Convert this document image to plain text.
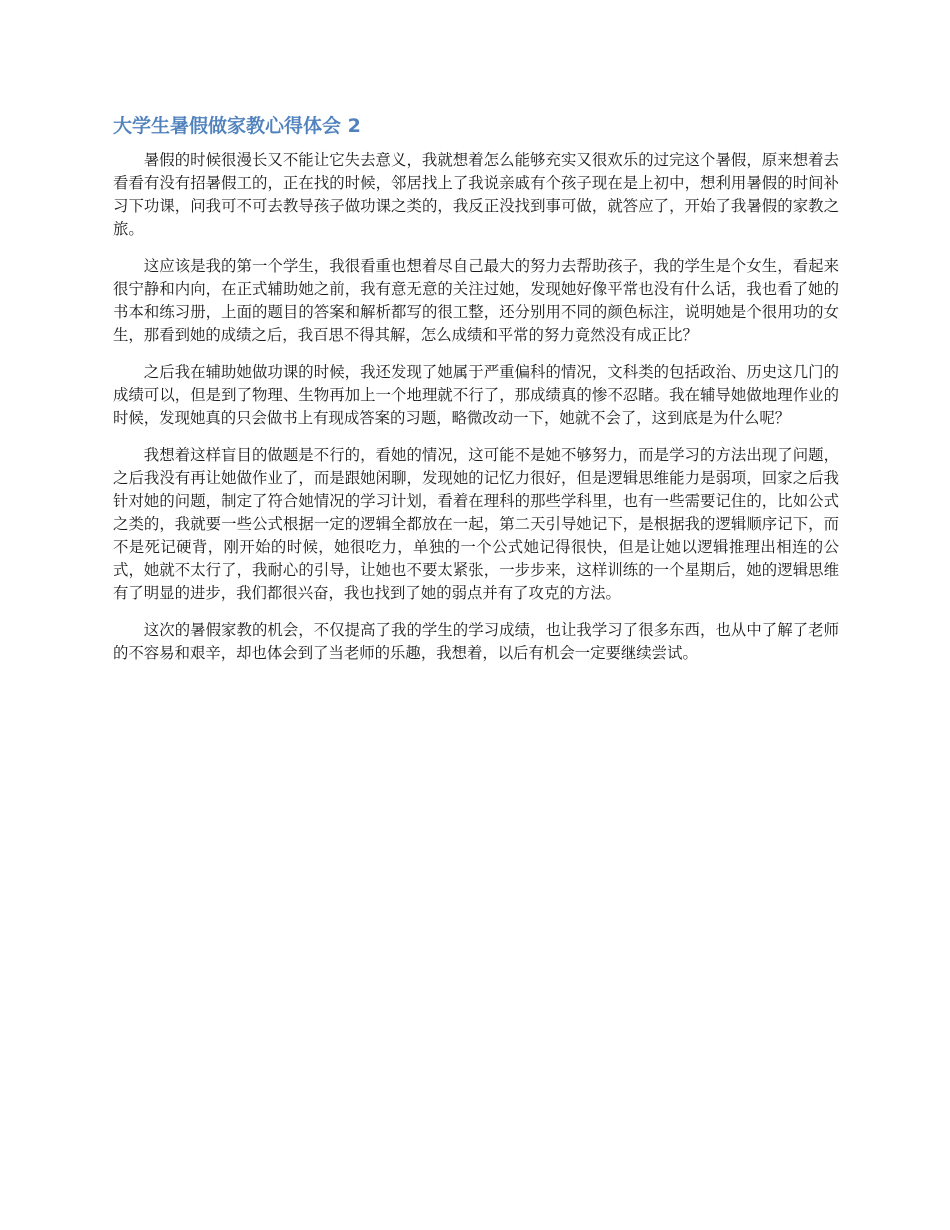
大学生暑假做家教心得体会 2

暑假的时候很漫长又不能让它失去意义，我就想着怎么能够充实又很欢乐的过完这个暑假，原来想着去看看有没有招暑假工的，正在找的时候，邻居找上了我说亲戚有个孩子现在是上初中，想利用暑假的时间补习下功课，问我可不可去教导孩子做功课之类的，我反正没找到事可做，就答应了，开始了我暑假的家教之旅。

这应该是我的第一个学生，我很看重也想着尽自己最大的努力去帮助孩子，我的学生是个女生，看起来很宁静和内向，在正式辅助她之前，我有意无意的关注过她，发现她好像平常也没有什么话，我也看了她的书本和练习册，上面的题目的答案和解析都写的很工整，还分别用不同的颜色标注，说明她是个很用功的女生，那看到她的成绩之后，我百思不得其解，怎么成绩和平常的努力竟然没有成正比？

之后我在辅助她做功课的时候，我还发现了她属于严重偏科的情况，文科类的包括政治、历史这几门的成绩可以，但是到了物理、生物再加上一个地理就不行了，那成绩真的惨不忍睹。我在辅导她做地理作业的时候，发现她真的只会做书上有现成答案的习题，略微改动一下，她就不会了，这到底是为什么呢？

我想着这样盲目的做题是不行的，看她的情况，这可能不是她不够努力，而是学习的方法出现了问题，之后我没有再让她做作业了，而是跟她闲聊，发现她的记忆力很好，但是逻辑思维能力是弱项，回家之后我针对她的问题，制定了符合她情况的学习计划，看着在理科的那些学科里，也有一些需要记住的，比如公式之类的，我就要一些公式根据一定的逻辑全都放在一起，第二天引导她记下，是根据我的逻辑顺序记下，而不是死记硬背，刚开始的时候，她很吃力，单独的一个公式她记得很快，但是让她以逻辑推理出相连的公式，她就不太行了，我耐心的引导，让她也不要太紧张，一步步来，这样训练的一个星期后，她的逻辑思维有了明显的进步，我们都很兴奋，我也找到了她的弱点并有了攻克的方法。

这次的暑假家教的机会，不仅提高了我的学生的学习成绩，也让我学习了很多东西，也从中了解了老师的不容易和艰辛，却也体会到了当老师的乐趣，我想着，以后有机会一定要继续尝试。
